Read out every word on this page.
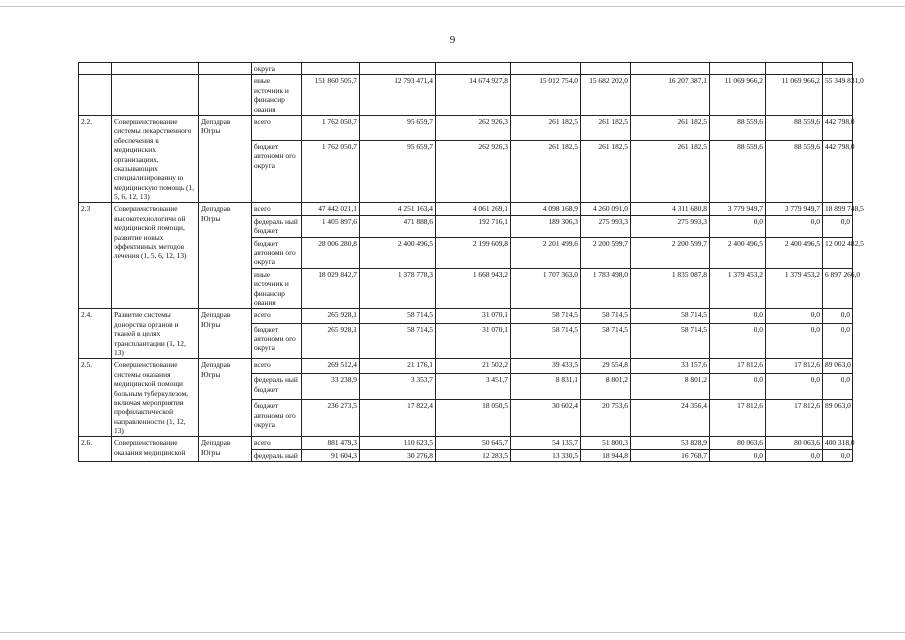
9
			округа									
			иные источник и финансир ования	151 860 505,7	12 793 471,4	14 674 927,8	15 012 754,0	15 682 202,0	16 207 387,1	11 069 966,2	11 069 966,2	55 349 831,0
2.2.	Совершенствование системы лекарственного обеспечения в медицинских организациях, оказывающих специализированну ю медицинскую помощь (1, 5, 6, 12, 13)	Депздрав Югры	всего	1 762 050,7	95 659,7	262 926,3	261 182,5	261 182,5	261 182,5	88 559,6	88 559,6	442 798,0
			бюджет автономн ого округа	1 762 050,7	95 659,7	262 926,3	261 182,5	261 182,5	261 182,5	88 559,6	88 559,6	442 798,0
2.3	Совершенствование высокотехнологичн ой медицинской помощи, развитие новых эффективных методов лечения (1, 5, 6, 12, 13)	Депздрав Югры	всего	47 442 021,1	4 251 163,4	4 061 269,1	4 098 168,9	4 260 091,0	4 311 680,8	3 779 949,7	3 779 949,7	18 899 748,5
			федераль ный бюджет	1 405 897,6	471 888,6	192 716,1	189 306,3	275 993,3	275 993,3	0,0	0,0	0,0
			бюджет автономн ого округа	28 006 280,8	2 400 496,5	2 199 609,8	2 201 499,6	2 200 599,7	2 200 599,7	2 400 496,5	2 400 496,5	12 002 482,5
			иные источник и финансир ования	18 029 842,7	1 378 778,3	1 668 943,2	1 707 363,0	1 783 498,0	1 835 087,8	1 379 453,2	1 379 453,2	6 897 266,0
2.4.	Развитие системы донорства органов и тканей в целях трансплантации (1, 12, 13)	Депздрав Югры	всего	265 928,1	58 714,5	31 070,1	58 714,5	58 714,5	58 714,5	0,0	0,0	0,0
			бюджет автономн ого округа	265 928,1	58 714,5	31 070,1	58 714,5	58 714,5	58 714,5	0,0	0,0	0,0
2.5.	Совершенствование системы оказания медицинской помощи больным туберкулезом, включая мероприятия профилактической направленности (1, 12, 13)	Депздрав Югры	всего	269 512,4	21 176,1	21 502,2	39 433,5	29 554,8	33 157,6	17 812,6	17 812,6	89 063,0
			федераль ный бюджет	33 238,9	3 353,7	3 451,7	8 831,1	8 801,2	8 801,2	0,0	0,0	0,0
			бюджет автономн ого округа	236 273,5	17 822,4	18 050,5	30 602,4	20 753,6	24 356,4	17 812,6	17 812,6	89 063,0
2.6.	Совершенствование оказания медицинской	Депздрав Югры	всего	881 479,3	110 623,5	50 645,7	54 135,7	51 800,3	53 828,9	80 063,6	80 063,6	400 318,0
			федераль ный	91 604,3	30 276,8	12 283,5	13 330,5	18 944,8	16 768,7	0,0	0,0	0,0
